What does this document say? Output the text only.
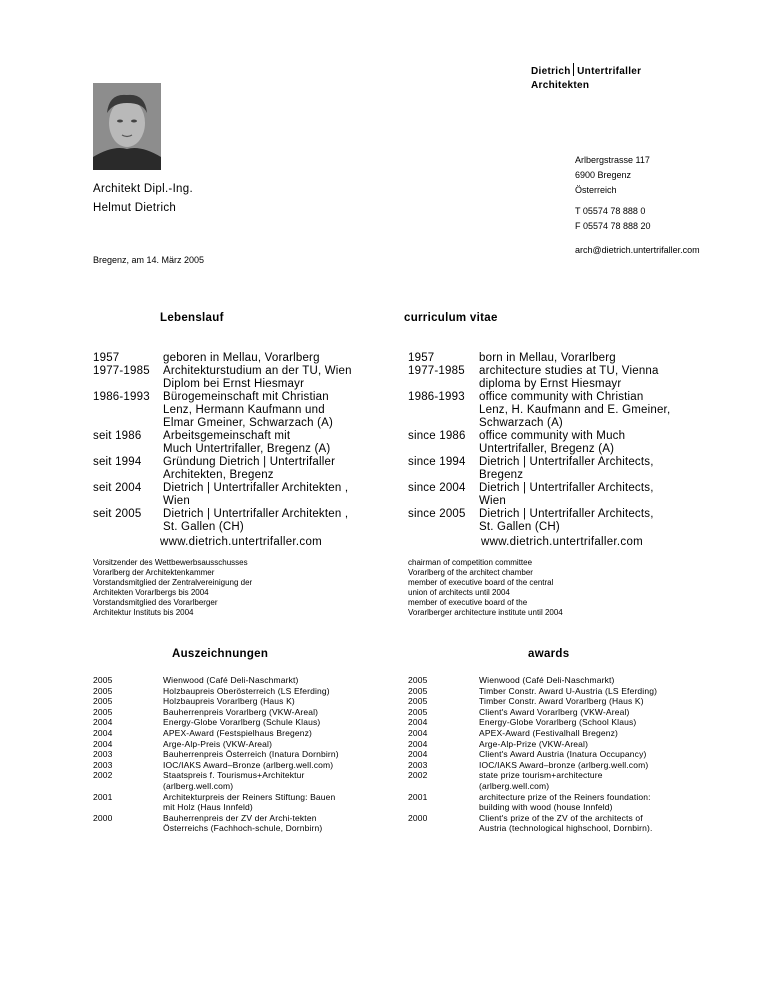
Dietrich Untertrifaller
Architekten
Architekt Dipl.-Ing.
Helmut Dietrich
Arlbergstrasse 117
6900 Bregenz
Österreich
T 05574 78 888 0
F 05574 78 888 20
arch@dietrich.untertrifaller.com
Bregenz, am 14. März 2005
Lebenslauf	curriculum vitae
1957	geboren in Mellau, Vorarlberg
1977-1985	Architekturstudium an der TU, Wien
Diplom bei Ernst Hiesmayr
1986-1993	Bürogemeinschaft mit Christian
Lenz, Hermann Kaufmann und
Elmar Gmeiner, Schwarzach (A)
seit 1986	Arbeitsgemeinschaft mit
Much Untertrifaller, Bregenz (A)
seit 1994	Gründung Dietrich | Untertrifaller
Architekten, Bregenz
seit 2004	Dietrich | Untertrifaller Architekten ,
Wien
seit 2005	Dietrich | Untertrifaller Architekten ,
St. Gallen (CH)
1957	born in Mellau, Vorarlberg
1977-1985	architecture studies at TU, Vienna
diploma by Ernst Hiesmayr
1986-1993	office community with Christian
Lenz, H. Kaufmann and E. Gmeiner,
Schwarzach (A)
since 1986	office community with Much
Untertrifaller, Bregenz (A)
since 1994	Dietrich | Untertrifaller Architects,
Bregenz
since 2004	Dietrich | Untertrifaller Architects,
Wien
since 2005	Dietrich | Untertrifaller Architects,
St. Gallen (CH)
www.dietrich.untertrifaller.com	www.dietrich.untertrifaller.com
Vorsitzender des Wettbewerbsausschusses
Vorarlberg der Architektenkammer
Vorstandsmitglied der Zentralvereinigung der
Architekten Vorarlbergs bis 2004
Vorstandsmitglied des Vorarlberger
Architektur Instituts bis 2004
chairman of competition committee
Vorarlberg of the architect chamber
member of executive board of the central
union of architects until 2004
member of executive board of the
Vorarlberger architecture institute until 2004
Auszeichnungen	awards
2005	Wienwood (Café Deli-Naschmarkt)
2005	Holzbaupreis Oberösterreich (LS Eferding)
2005	Holzbaupreis Vorarlberg (Haus K)
2005	Bauherrenpreis Vorarlberg (VKW-Areal)
2004	Energy-Globe Vorarlberg (Schule Klaus)
2004	APEX-Award (Festspielhaus Bregenz)
2004	Arge-Alp-Preis (VKW-Areal)
2003	Bauherrenpreis Österreich (Inatura Dornbirn)
2003	IOC/IAKS Award–Bronze (arlberg.well.com)
2002	Staatspreis f. Tourismus+Architektur
(arlberg.well.com)
2001	Architekturpreis der Reiners Stiftung: Bauen
mit Holz (Haus Innfeld)
2000	Bauherrenpreis der ZV der Archi-tekten
Österreichs (Fachhoch-schule, Dornbirn)
2005	Wienwood (Café Deli-Naschmarkt)
2005	Timber Constr. Award U-Austria (LS Eferding)
2005	Timber Constr. Award Vorarlberg (Haus K)
2005	Client's Award Vorarlberg (VKW-Areal)
2004	Energy-Globe Vorarlberg (School Klaus)
2004	APEX-Award (Festivalhall Bregenz)
2004	Arge-Alp-Prize (VKW-Areal)
2004	Client's Award Austria (Inatura Occupancy)
2003	IOC/IAKS Award–bronze (arlberg.well.com)
2002	state prize tourism+architecture
(arlberg.well.com)
2001	architecture prize of the Reiners foundation:
building with wood (house Innfeld)
2000	Client's prize of the ZV of the architects of
Austria (technological highschool, Dornbirn).
